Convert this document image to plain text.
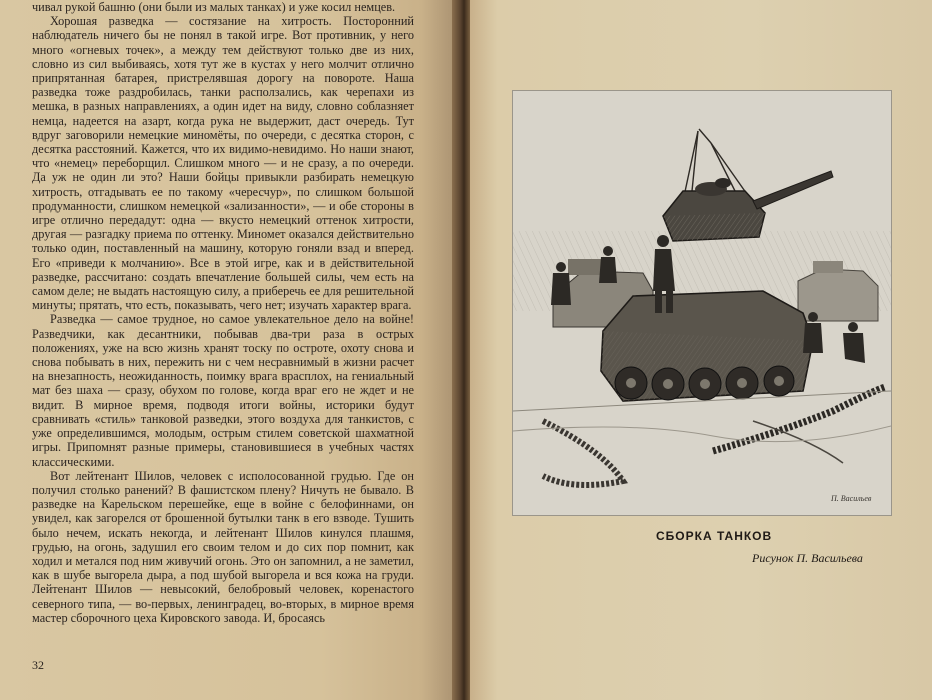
чивал рукой башню (они были из малых танках) и уже косил немцев.

Хорошая разведка — состязание на хитрость. Посторонний наблюдатель ничего бы не понял в такой игре. Вот противник, у него много «огневых точек», а между тем действуют только две из них, словно из сил выбиваясь, хотя тут же в кустах у него молчит отлично припрятанная батарея, пристрелявшая дорогу на повороте. Наша разведка тоже раздробилась, танки расползались, как черепахи из мешка, в разных направлениях, а один идет на виду, словно соблазняет немца, надеется на азарт, когда рука не выдержит, даст очередь. Тут вдруг заговорили немецкие миномёты, по очереди, с десятка сторон, с десятка расстояний. Кажется, что их видимо-невидимо. Но наши знают, что «немец» переборщил. Слишком много — и не сразу, а по очереди. Да уж не один ли это? Наши бойцы привыкли разбирать немецкую хитрость, отгадывать ее по такому «чересчур», по слишком большой продуманности, слишком немецкой «зализанности», — и обе стороны в игре отлично передадут: одна — вкусто немецкий оттенок хитрости, другая — разгадку приема по оттенку. Миномет оказался действительно только один, поставленный на машину, которую гоняли взад и вперед. Его «приведи к молчанию». Все в этой игре, как и в действительной разведке, рассчитано: создать впечатление большей силы, чем есть на самом деле; не выдать настоящую силу, а приберечь ее для решительной минуты; прятать, что есть, показывать, чего нет; изучать характер врага.

Разведка — самое трудное, но самое увлекательное дело на войне! Разведчики, как десантники, побывав два-три раза в острых положениях, уже на всю жизнь хранят тоску по остроте, охоту снова и снова побывать в них, пережить ни с чем несравнимый в жизни расчет на внезапность, неожиданность, поимку врага врасплох, на гениальный мат без шаха — сразу, обухом по голове, когда враг его не ждет и не видит. В мирное время, подводя итоги войны, историки будут сравнивать «стиль» танковой разведки, этого воздуха для танкистов, с уже определившимся, молодым, острым стилем советской шахматной игры. Припомнят разные примеры, становившиеся в учебных частях классическими.

Вот лейтенант Шилов, человек с исполосованной грудью. Где он получил столько ранений? В фашистском плену? Ничуть не бывало. В разведке на Карельском перешейке, еще в войне с белофиннами, он увидел, как загорелся от брошенной бутылки танк в его взводе. Тушить было нечем, искать некогда, и лейтенант Шилов кинулся плашмя, грудью, на огонь, задушил его своим телом и до сих пор помнит, как ходил и метался под ним живучий огонь. Это он запомнил, а не заметил, как в шубе выгорела дыра, а под шубой выгорела и вся кожа на груди. Лейтенант Шилов — невысокий, белобровый человек, коренастого северного типа, — во-первых, ленинградец, во-вторых, в мирное время мастер сборочного цеха Кировского завода. И, бросаясь

32
П. Васильев
СБОРКА ТАНКОВ
Рисунок П. Васильева
